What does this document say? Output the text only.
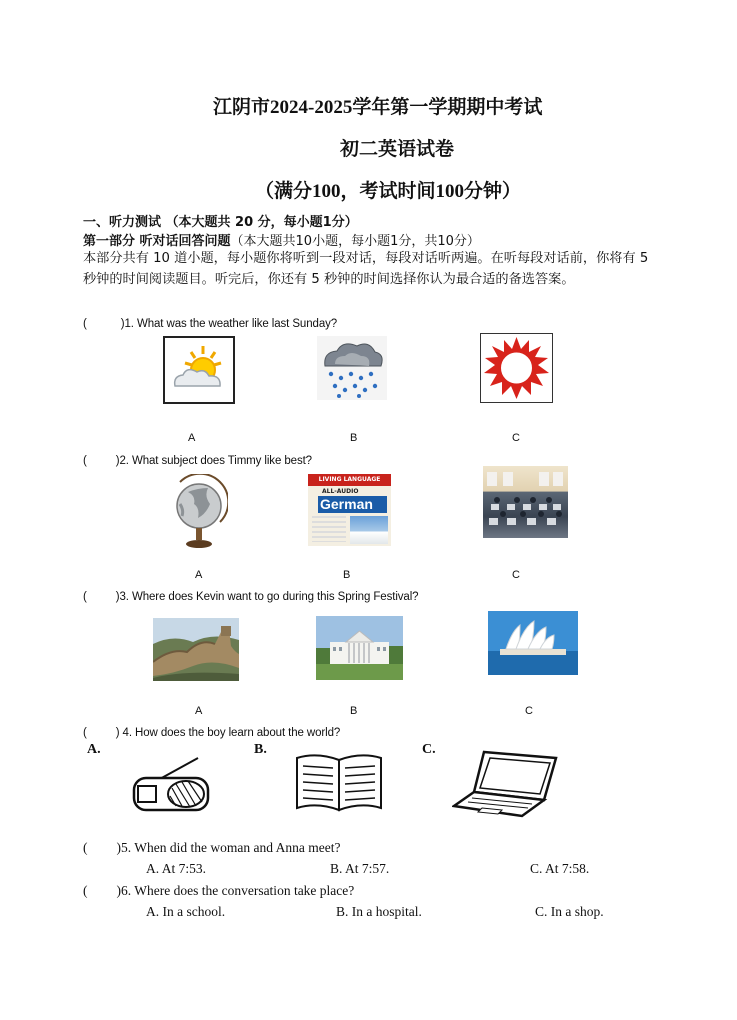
江阴市2024-2025学年第一学期期中考试
初二英语试卷
（满分100，考试时间100分钟）
一、听力测试 （本大题共 20 分，每小题1分）
第一部分 听对话回答问题（本大题共10小题，每小题1分，共10分）
本部分共有 10 道小题，每小题你将听到一段对话，每段对话听两遍。在听每段对话前，你将有 5 秒钟的时间阅读题目。听完后，你还有 5 秒钟的时间选择你认为最合适的备选答案。
(	)1. What was the weather like last Sunday?
A	B	C
(	)2. What subject does Timmy like best?
LIVING LANGUAGE
ALL-AUDIO
German
A	B	C
(	)3. Where does Kevin want to go during this Spring Festival?
A	B	C
(	) 4. How does the boy learn about the world?
A.	B.	C.
( )5. When did the woman and Anna meet?
A. At 7:53.	B. At 7:57.	C. At 7:58.
( )6. Where does the conversation take place?
A. In a school.	B. In a hospital.	C. In a shop.
